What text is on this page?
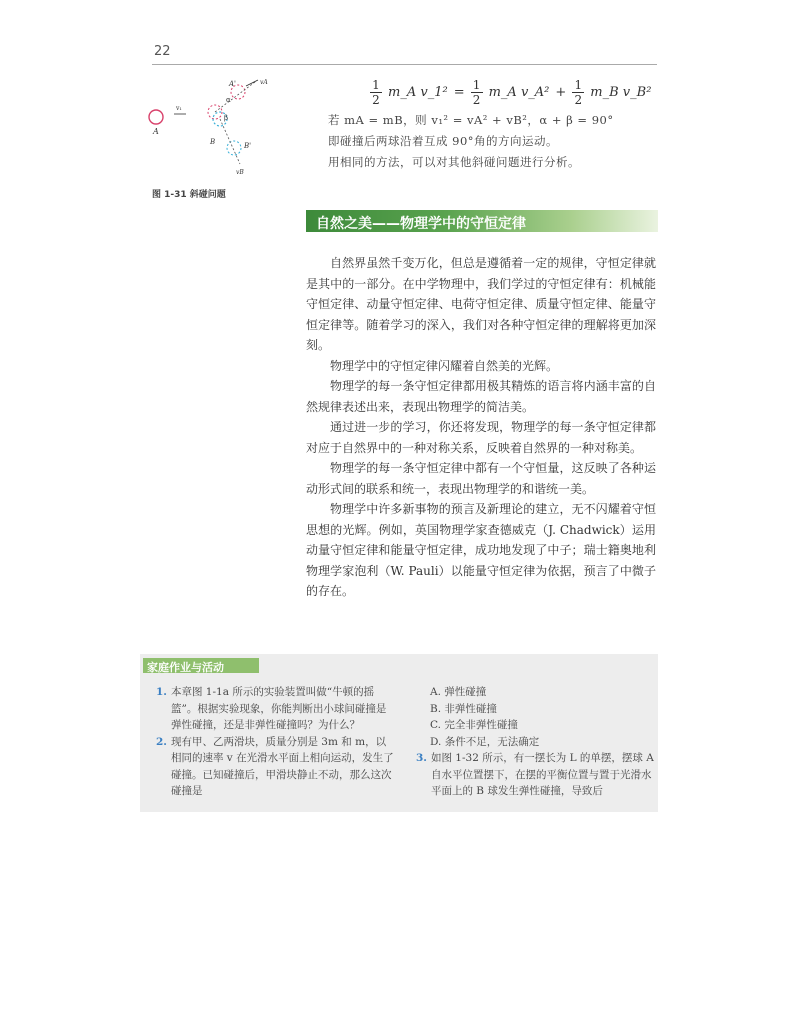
22
A
v₁
A'	vA
α
β
B	B'
vB
图 1-31 斜碰问题
$\frac{1}{2}$ m_A v_1² = $\frac{1}{2}$ m_A v_A² + $\frac{1}{2}$ m_B v_B²
若 mA = mB，则 v₁² = vA² + vB²，α + β = 90°
即碰撞后两球沿着互成 90°角的方向运动。
用相同的方法，可以对其他斜碰问题进行分析。
自然之美——物理学中的守恒定律

自然界虽然千变万化，但总是遵循着一定的规律，守恒定律就是其中的一部分。在中学物理中，我们学过的守恒定律有：机械能守恒定律、动量守恒定律、电荷守恒定律、质量守恒定律、能量守恒定律等。随着学习的深入，我们对各种守恒定律的理解将更加深刻。

物理学中的守恒定律闪耀着自然美的光辉。

物理学的每一条守恒定律都用极其精炼的语言将内涵丰富的自然规律表述出来，表现出物理学的简洁美。

通过进一步的学习，你还将发现，物理学的每一条守恒定律都对应于自然界中的一种对称关系，反映着自然界的一种对称美。

物理学的每一条守恒定律中都有一个守恒量，这反映了各种运动形式间的联系和统一，表现出物理学的和谐统一美。

物理学中许多新事物的预言及新理论的建立，无不闪耀着守恒思想的光辉。例如，英国物理学家查德威克（J. Chadwick）运用动量守恒定律和能量守恒定律，成功地发现了中子；瑞士籍奥地利物理学家泡利（W. Pauli）以能量守恒定律为依据，预言了中微子的存在。

家庭作业与活动
1. 本章图 1-1a 所示的实验装置叫做“牛顿的摇篮”。根据实验现象，你能判断出小球间碰撞是弹性碰撞，还是非弹性碰撞吗？为什么？
2. 现有甲、乙两滑块，质量分别是 3m 和 m，以相同的速率 v 在光滑水平面上相向运动，发生了碰撞。已知碰撞后，甲滑块静止不动，那么这次碰撞是
A. 弹性碰撞
B. 非弹性碰撞
C. 完全非弹性碰撞
D. 条件不足，无法确定
3. 如图 1-32 所示，有一摆长为 L 的单摆，摆球 A 自水平位置摆下，在摆的平衡位置与置于光滑水平面上的 B 球发生弹性碰撞，导致后
